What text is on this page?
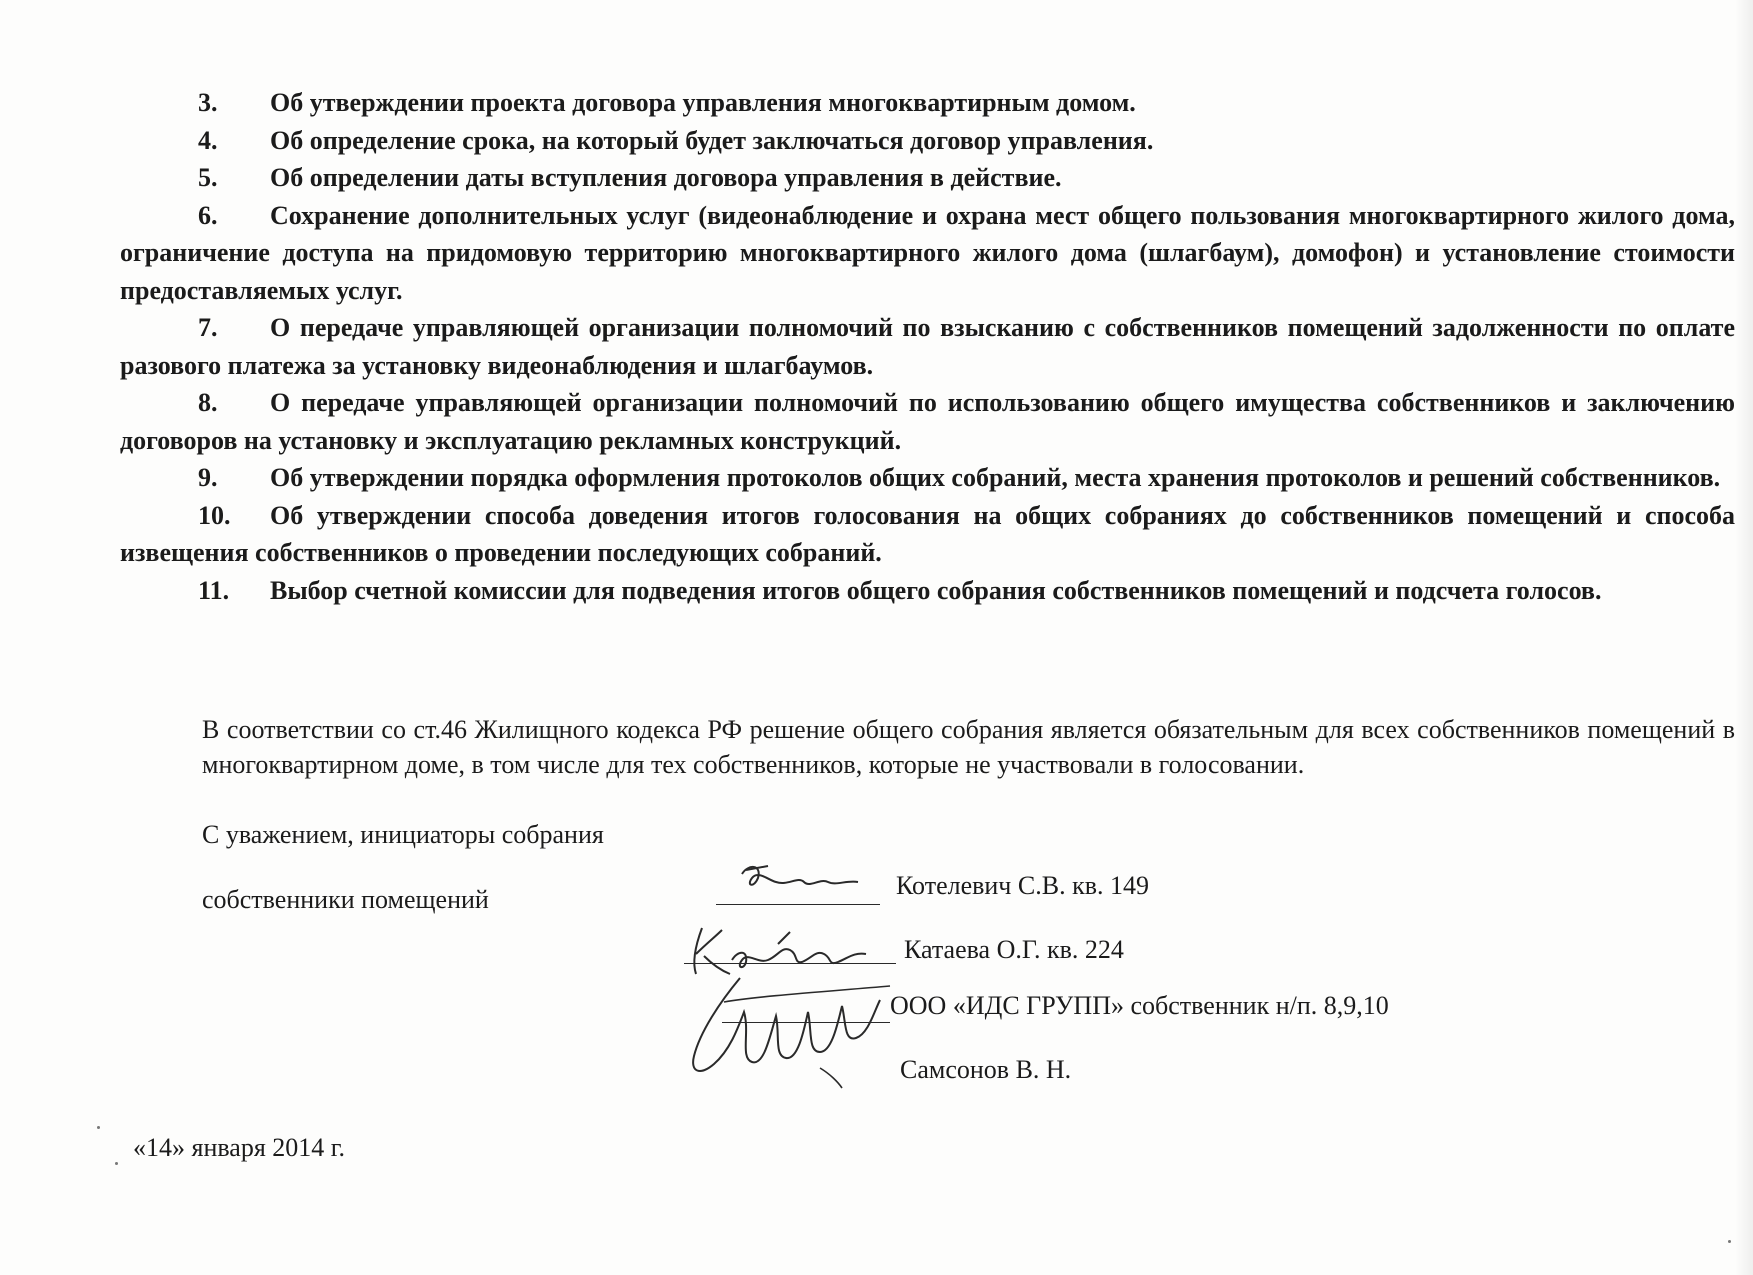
3. Об утверждении проекта договора управления многоквартирным домом.

4. Об определение срока, на который будет заключаться договор управления.

5. Об определении даты вступления договора управления в действие.

6. Сохранение дополнительных услуг (видеонаблюдение и охрана мест общего пользования многоквартирного жилого дома, ограничение доступа на придомовую территорию многоквартирного жилого дома (шлагбаум), домофон) и установление стоимости предоставляемых услуг.

7. О передаче управляющей организации полномочий по взысканию с собственников помещений задолженности по оплате разового платежа за установку видеонаблюдения и шлагбаумов.

8. О передаче управляющей организации полномочий по использованию общего имущества собственников и заключению договоров на установку и эксплуатацию рекламных конструкций.

9. Об утверждении порядка оформления протоколов общих собраний, места хранения протоколов и решений собственников.

10. Об утверждении способа доведения итогов голосования на общих собраниях до собственников помещений и способа извещения собственников о проведении последующих собраний.

11. Выбор счетной комиссии для подведения итогов общего собрания собственников помещений и подсчета голосов.

В соответствии со ст.46 Жилищного кодекса РФ решение общего собрания является обязательным для всех собственников помещений в многоквартирном доме, в том числе для тех собственников, которые не участвовали в голосовании.
С уважением, инициаторы собрания
собственники помещений	Котелевич С.В. кв. 149
Катаева О.Г. кв. 224
ООО «ИДС ГРУПП» собственник н/п. 8,9,10
Самсонов В. Н.
«14» января 2014 г.
